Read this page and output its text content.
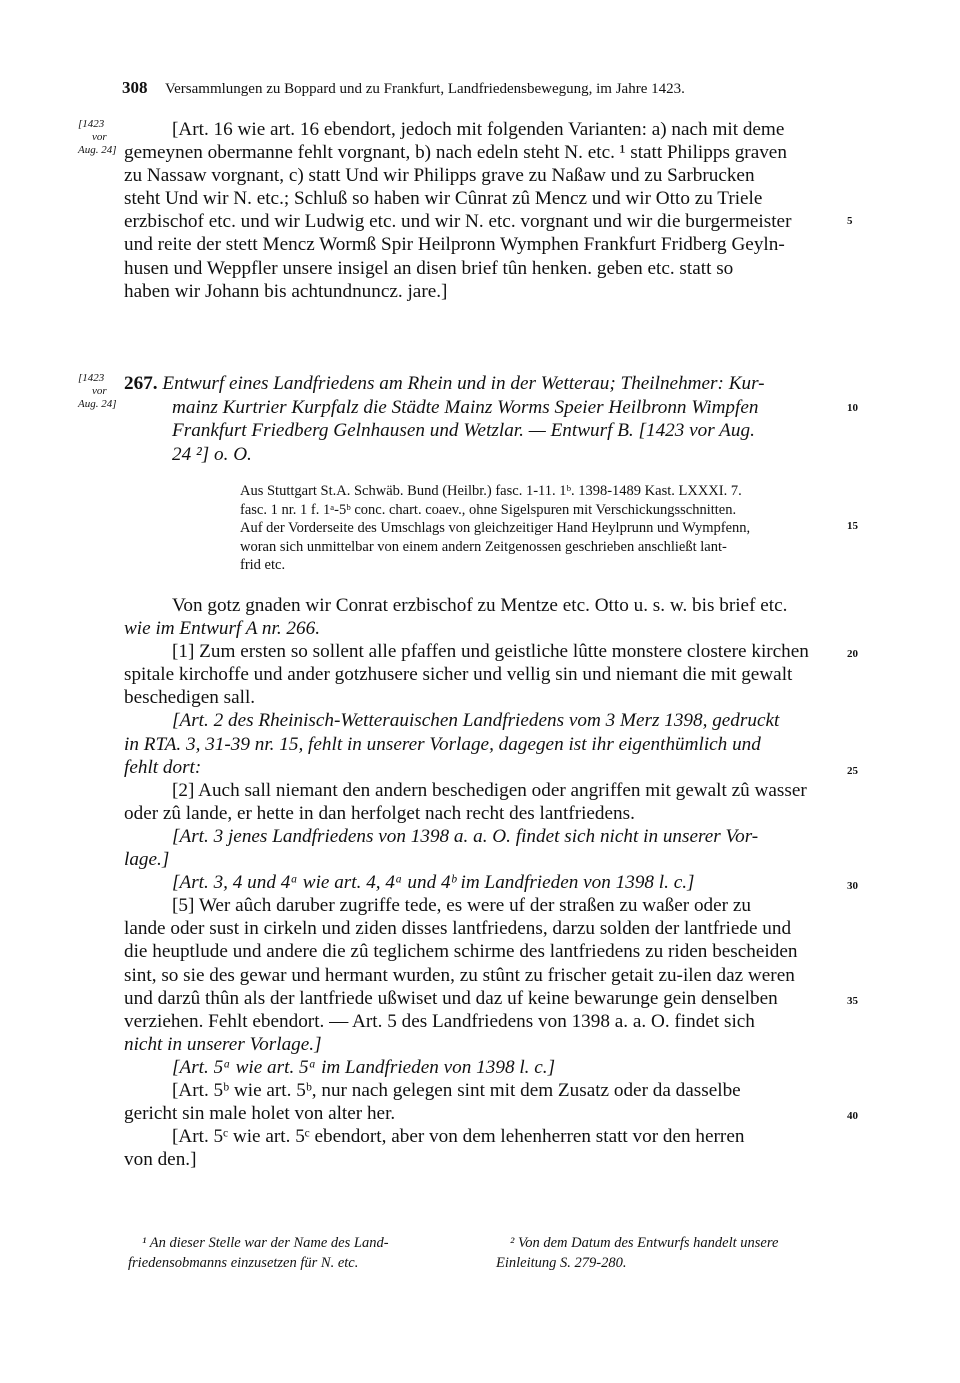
308 Versammlungen zu Boppard und zu Frankfurt, Landfriedensbewegung, im Jahre 1423.
[1423
vor
Aug. 24]
[1423
vor
Aug. 24]
5
10
15
20
25
30
35
40
[Art. 16 wie art. 16 ebendort, jedoch mit folgenden Varianten: a) nach mit deme
gemeynen obermanne fehlt vorgnant, b) nach edeln steht N. etc. ¹ statt Philipps graven
zu Nassaw vorgnant, c) statt Und wir Philipps grave zu Naßaw und zu Sarbrucken
steht Und wir N. etc.; Schluß so haben wir Cûnrat zû Mencz und wir Otto zu Triele
erzbischof etc. und wir Ludwig etc. und wir N. etc. vorgnant und wir die burgermeister
und reite der stett Mencz Wormß Spir Heilpronn Wymphen Frankfurt Fridberg Geyln-
husen und Weppfler unsere insigel an disen brief tûn henken. geben etc. statt so
haben wir Johann bis achtundnuncz. jare.]
267. Entwurf eines Landfriedens am Rhein und in der Wetterau; Theilnehmer: Kur-
mainz Kurtrier Kurpfalz die Städte Mainz Worms Speier Heilbronn Wimpfen
Frankfurt Friedberg Gelnhausen und Wetzlar. — Entwurf B. [1423 vor Aug.
24 ²] o. O.
Aus Stuttgart St.A. Schwäb. Bund (Heilbr.) fasc. 1-11. 1ᵇ. 1398-1489 Kast. LXXXI. 7.
fasc. 1 nr. 1 f. 1ᵃ-5ᵇ conc. chart. coaev., ohne Sigelspuren mit Verschickungsschnitten.
Auf der Vorderseite des Umschlags von gleichzeitiger Hand Heylprunn und Wympfenn,
woran sich unmittelbar von einem andern Zeitgenossen geschrieben anschließt lant-
frid etc.

Von gotz gnaden wir Conrat erzbischof zu Mentze etc. Otto u. s. w. bis brief etc.
wie im Entwurf A nr. 266.

[1] Zum ersten so sollent alle pfaffen und geistliche lûtte monstere clostere kirchen
spitale kirchoffe und ander gotzhusere sicher und vellig sin und niemant die mit gewalt
beschedigen sall.

[Art. 2 des Rheinisch-Wetterauischen Landfriedens vom 3 Merz 1398, gedruckt
in RTA. 3, 31-39 nr. 15, fehlt in unserer Vorlage, dagegen ist ihr eigenthümlich und
fehlt dort:

[2] Auch sall niemant den andern beschedigen oder angriffen mit gewalt zû wasser
oder zû lande, er hette in dan herfolget nach recht des lantfriedens.

[Art. 3 jenes Landfriedens von 1398 a. a. O. findet sich nicht in unserer Vor-
lage.]

[Art. 3, 4 und 4ᵃ wie art. 4, 4ᵃ und 4ᵇ im Landfrieden von 1398 l. c.]

[5] Wer aûch daruber zugriffe tede, es were uf der straßen zu waßer oder zu
lande oder sust in cirkeln und ziden disses lantfriedens, darzu solden der lantfriede und
die heuptlude und andere die zû teglichem schirme des lantfriedens zu riden bescheiden
sint, so sie des gewar und hermant wurden, zu stûnt zu frischer getait zu-ilen daz weren
und darzû thûn als der lantfriede ußwiset und daz uf keine bewarunge gein denselben
verziehen. Fehlt ebendort. — Art. 5 des Landfriedens von 1398 a. a. O. findet sich
nicht in unserer Vorlage.]

[Art. 5ᵃ wie art. 5ᵃ im Landfrieden von 1398 l. c.]

[Art. 5ᵇ wie art. 5ᵇ, nur nach gelegen sint mit dem Zusatz oder da dasselbe
gericht sin male holet von alter her.

[Art. 5ᶜ wie art. 5ᶜ ebendort, aber von dem lehenherren statt vor den herren
von den.]

¹ An dieser Stelle war der Name des Land-
friedensobmanns einzusetzen für N. etc.
² Von dem Datum des Entwurfs handelt unsere
Einleitung S. 279-280.
